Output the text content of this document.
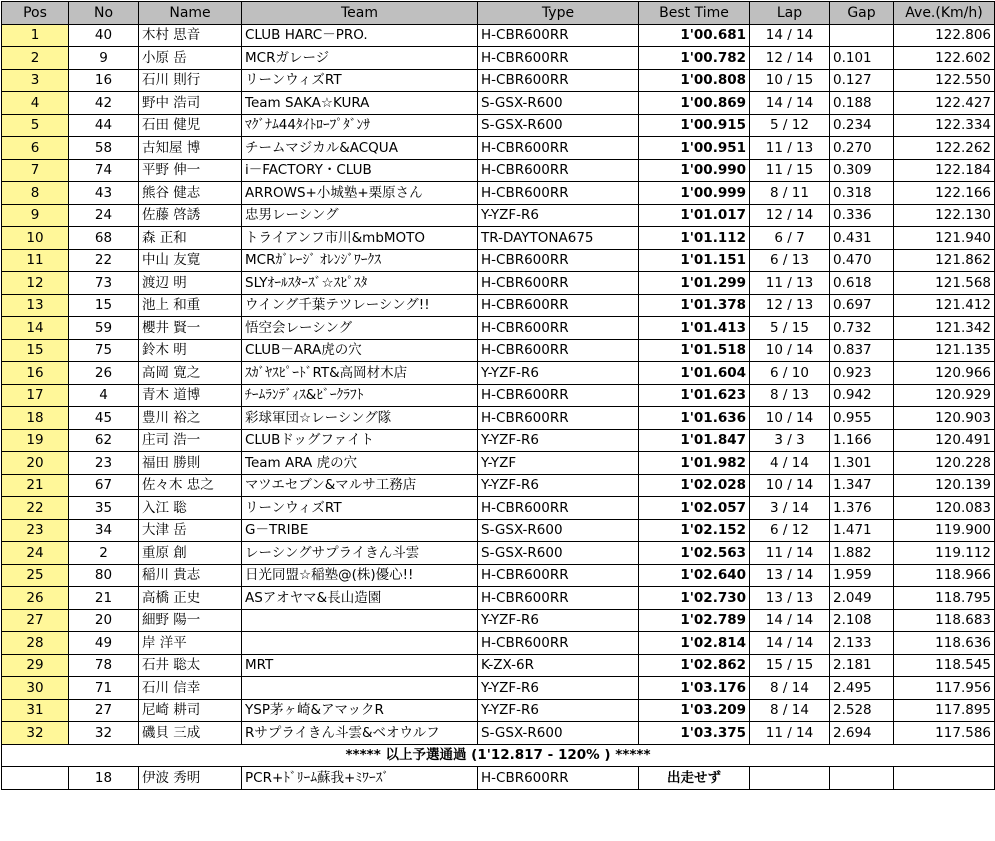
Pos	No	Name	Team	Type	Best Time	Lap	Gap	Ave.(Km/h)
1	40	木村 思音	CLUB HARC－PRO.	H-CBR600RR	1'00.681	14 / 14		122.806
2	9	小原 岳	MCRガレージ	H-CBR600RR	1'00.782	12 / 14	0.101	122.602
3	16	石川 則行	リーンウィズRT	H-CBR600RR	1'00.808	10 / 15	0.127	122.550
4	42	野中 浩司	Team SAKA☆KURA	S-GSX-R600	1'00.869	14 / 14	0.188	122.427
5	44	石田 健児	ﾏｸﾞﾅﾑ44ﾀｲﾄﾛｰﾌﾟﾀﾞﾝｻ	S-GSX-R600	1'00.915	5 / 12	0.234	122.334
6	58	古知屋 博	チームマジカル&ACQUA	H-CBR600RR	1'00.951	11 / 13	0.270	122.262
7	74	平野 伸一	i－FACTORY・CLUB	H-CBR600RR	1'00.990	11 / 15	0.309	122.184
8	43	熊谷 健志	ARROWS+小城塾+栗原さん	H-CBR600RR	1'00.999	8 / 11	0.318	122.166
9	24	佐藤 啓誘	忠男レーシング	Y-YZF-R6	1'01.017	12 / 14	0.336	122.130
10	68	森 正和	トライアンフ市川&mbMOTO	TR-DAYTONA675	1'01.112	6 / 7	0.431	121.940
11	22	中山 友寛	MCRｶﾞﾚｰｼﾞ ｵﾚﾝｼﾞﾜｰｸｽ	H-CBR600RR	1'01.151	6 / 13	0.470	121.862
12	73	渡辺 明	SLYｵｰﾙｽﾀｰｽﾞ☆ｽﾋﾟｽﾀ	H-CBR600RR	1'01.299	11 / 13	0.618	121.568
13	15	池上 和重	ウイング千葉テツレーシング!!	H-CBR600RR	1'01.378	12 / 13	0.697	121.412
14	59	櫻井 賢一	悟空会レーシング	H-CBR600RR	1'01.413	5 / 15	0.732	121.342
15	75	鈴木 明	CLUB－ARA虎の穴	H-CBR600RR	1'01.518	10 / 14	0.837	121.135
16	26	高岡 寛之	ｽｶﾞﾔｽﾋﾟｰﾄﾞRT&高岡材木店	Y-YZF-R6	1'01.604	6 / 10	0.923	120.966
17	4	青木 道博	ﾁｰﾑﾗﾝﾃﾞｨｽ&ﾋﾞｰｸﾗﾌﾄ	H-CBR600RR	1'01.623	8 / 13	0.942	120.929
18	45	豊川 裕之	彩球軍団☆レーシング隊	H-CBR600RR	1'01.636	10 / 14	0.955	120.903
19	62	庄司 浩一	CLUBドッグファイト	Y-YZF-R6	1'01.847	3 / 3	1.166	120.491
20	23	福田 勝則	Team ARA 虎の穴	Y-YZF	1'01.982	4 / 14	1.301	120.228
21	67	佐々木 忠之	マツエセブン&マルサ工務店	Y-YZF-R6	1'02.028	10 / 14	1.347	120.139
22	35	入江 聡	リーンウィズRT	H-CBR600RR	1'02.057	3 / 14	1.376	120.083
23	34	大津 岳	G－TRIBE	S-GSX-R600	1'02.152	6 / 12	1.471	119.900
24	2	重原 創	レーシングサプライきん斗雲	S-GSX-R600	1'02.563	11 / 14	1.882	119.112
25	80	稲川 貴志	日光同盟☆稲塾@(株)優心!!	H-CBR600RR	1'02.640	13 / 14	1.959	118.966
26	21	高橋 正史	ASアオヤマ&長山造園	H-CBR600RR	1'02.730	13 / 13	2.049	118.795
27	20	細野 陽一		Y-YZF-R6	1'02.789	14 / 14	2.108	118.683
28	49	岸 洋平		H-CBR600RR	1'02.814	14 / 14	2.133	118.636
29	78	石井 聡太	MRT	K-ZX-6R	1'02.862	15 / 15	2.181	118.545
30	71	石川 信幸		Y-YZF-R6	1'03.176	8 / 14	2.495	117.956
31	27	尼崎 耕司	YSP茅ヶ崎&アマックR	Y-YZF-R6	1'03.209	8 / 14	2.528	117.895
32	32	磯貝 三成	Rサプライきん斗雲&ベオウルフ	S-GSX-R600	1'03.375	11 / 14	2.694	117.586
***** 以上予選通過 (1'12.817 - 120% ) *****								
	18	伊波 秀明	PCR+ﾄﾞﾘｰﾑ蘇我+ﾐﾜｰｽﾞ	H-CBR600RR	出走せず			
